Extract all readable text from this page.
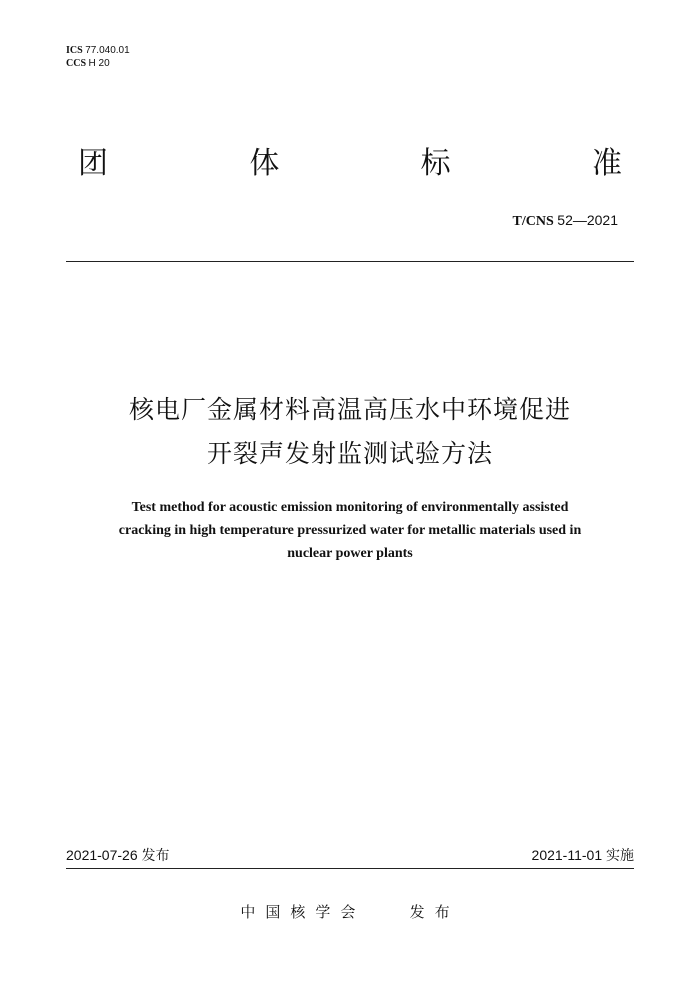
ICS 77.040.01
CCS H 20
团	体	标	准
T/CNS 52—2021
核电厂金属材料高温高压水中环境促进
开裂声发射监测试验方法
Test method for acoustic emission monitoring of environmentally assisted
cracking in high temperature pressurized water for metallic materials used in
nuclear power plants
2021-07-26 发布	2021-11-01 实施
中国核学会	发布
